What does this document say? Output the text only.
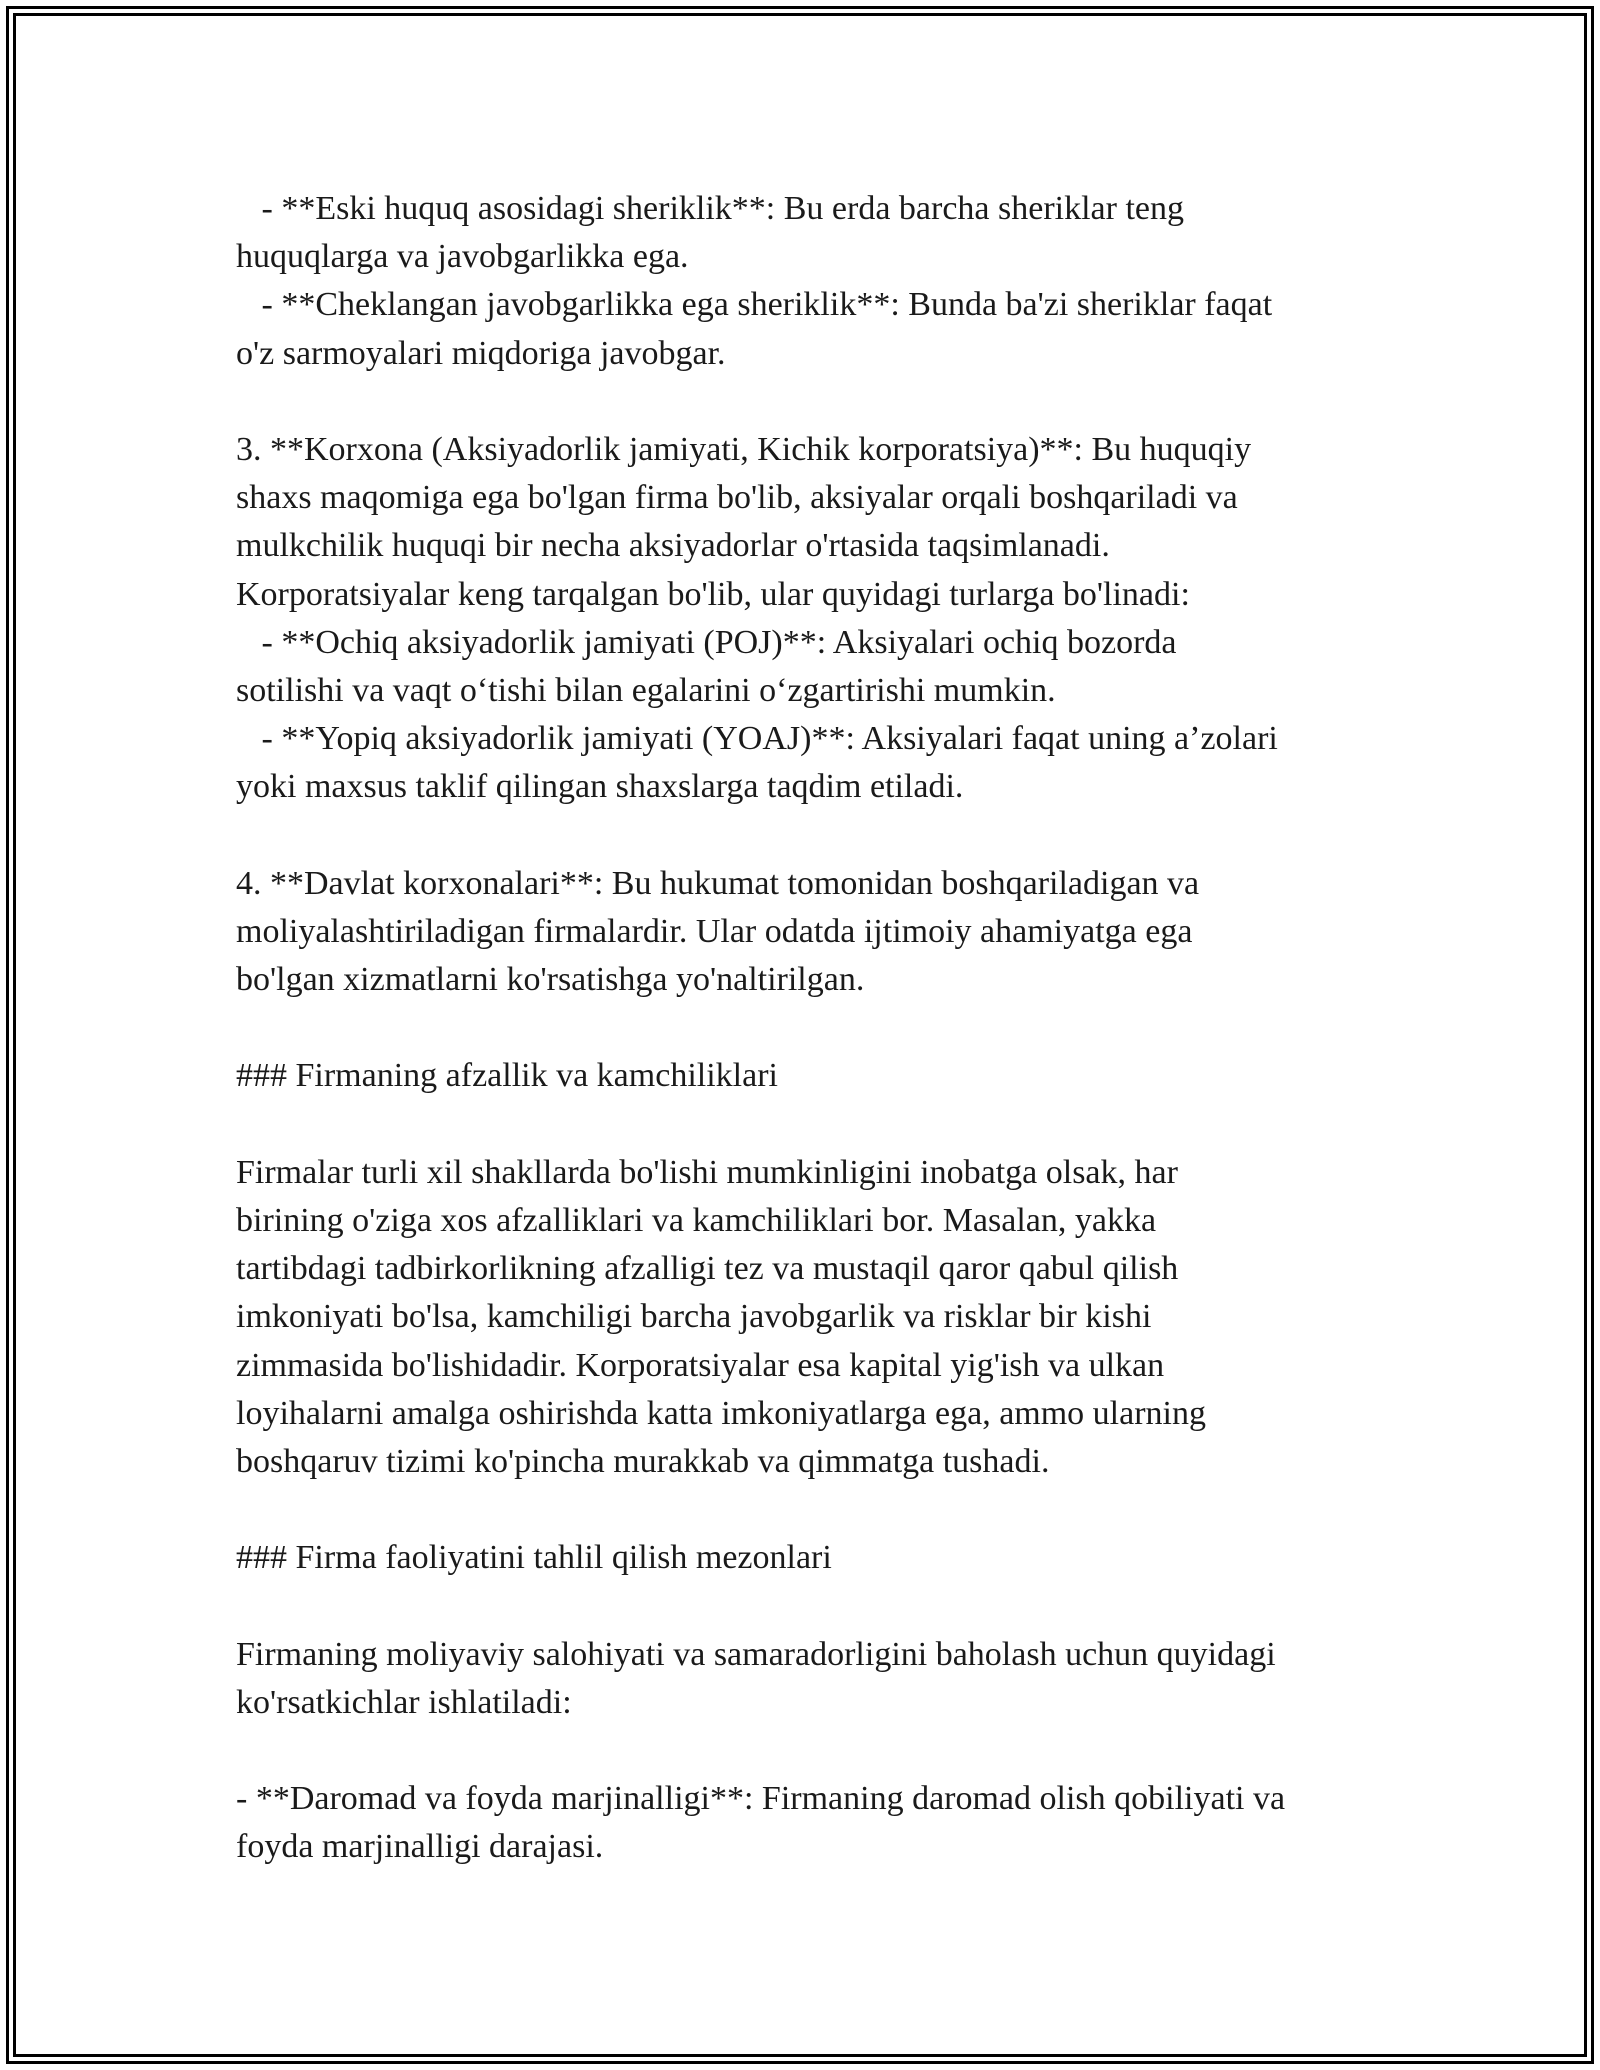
- **Eski huquq asosidagi sheriklik**: Bu erda barcha sheriklar teng
huquqlarga va javobgarlikka ega.
- **Cheklangan javobgarlikka ega sheriklik**: Bunda ba'zi sheriklar faqat
o'z sarmoyalari miqdoriga javobgar.
3. **Korxona (Aksiyadorlik jamiyati, Kichik korporatsiya)**: Bu huquqiy
shaxs maqomiga ega bo'lgan firma bo'lib, aksiyalar orqali boshqariladi va
mulkchilik huquqi bir necha aksiyadorlar o'rtasida taqsimlanadi.
Korporatsiyalar keng tarqalgan bo'lib, ular quyidagi turlarga bo'linadi:
- **Ochiq aksiyadorlik jamiyati (POJ)**: Aksiyalari ochiq bozorda
sotilishi va vaqt o‘tishi bilan egalarini o‘zgartirishi mumkin.
- **Yopiq aksiyadorlik jamiyati (YOAJ)**: Aksiyalari faqat uning a’zolari
yoki maxsus taklif qilingan shaxslarga taqdim etiladi.
4. **Davlat korxonalari**: Bu hukumat tomonidan boshqariladigan va
moliyalashtiriladigan firmalardir. Ular odatda ijtimoiy ahamiyatga ega
bo'lgan xizmatlarni ko'rsatishga yo'naltirilgan.
### Firmaning afzallik va kamchiliklari
Firmalar turli xil shakllarda bo'lishi mumkinligini inobatga olsak, har
birining o'ziga xos afzalliklari va kamchiliklari bor. Masalan, yakka
tartibdagi tadbirkorlikning afzalligi tez va mustaqil qaror qabul qilish
imkoniyati bo'lsa, kamchiligi barcha javobgarlik va risklar bir kishi
zimmasida bo'lishidadir. Korporatsiyalar esa kapital yig'ish va ulkan
loyihalarni amalga oshirishda katta imkoniyatlarga ega, ammo ularning
boshqaruv tizimi ko'pincha murakkab va qimmatga tushadi.
### Firma faoliyatini tahlil qilish mezonlari
Firmaning moliyaviy salohiyati va samaradorligini baholash uchun quyidagi
ko'rsatkichlar ishlatiladi:
- **Daromad va foyda marjinalligi**: Firmaning daromad olish qobiliyati va
foyda marjinalligi darajasi.
